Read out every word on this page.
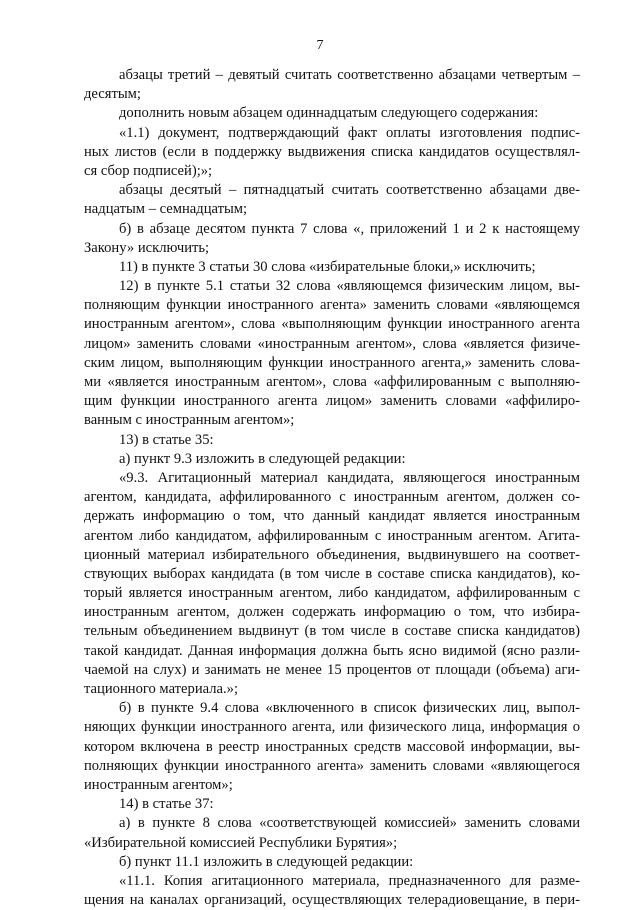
7
абзацы третий – девятый считать соответственно абзацами четвертым –
десятым;
дополнить новым абзацем одиннадцатым следующего содержания:
«1.1) документ, подтверждающий факт оплаты изготовления подпис-
ных листов (если в поддержку выдвижения списка кандидатов осуществлял-
ся сбор подписей);»;
абзацы десятый – пятнадцатый считать соответственно абзацами две-
надцатым – семнадцатым;
б) в абзаце десятом пункта 7 слова «, приложений 1 и 2 к настоящему
Закону» исключить;
11) в пункте 3 статьи 30 слова «избирательные блоки,» исключить;
12) в пункте 5.1 статьи 32 слова «являющемся физическим лицом, вы-
полняющим функции иностранного агента» заменить словами «являющемся
иностранным агентом», слова «выполняющим функции иностранного агента
лицом» заменить словами «иностранным агентом», слова «является физиче-
ским лицом, выполняющим функции иностранного агента,» заменить слова-
ми «является иностранным агентом», слова «аффилированным с выполняю-
щим функции иностранного агента лицом» заменить словами «аффилиро-
ванным с иностранным агентом»;
13) в статье 35:
а) пункт 9.3 изложить в следующей редакции:
«9.3. Агитационный материал кандидата, являющегося иностранным
агентом, кандидата, аффилированного с иностранным агентом, должен со-
держать информацию о том, что данный кандидат является иностранным
агентом либо кандидатом, аффилированным с иностранным агентом. Агита-
ционный материал избирательного объединения, выдвинувшего на соответ-
ствующих выборах кандидата (в том числе в составе списка кандидатов), ко-
торый является иностранным агентом, либо кандидатом, аффилированным с
иностранным агентом, должен содержать информацию о том, что избира-
тельным объединением выдвинут (в том числе в составе списка кандидатов)
такой кандидат. Данная информация должна быть ясно видимой (ясно разли-
чаемой на слух) и занимать не менее 15 процентов от площади (объема) аги-
тационного материала.»;
б) в пункте 9.4 слова «включенного в список физических лиц, выпол-
няющих функции иностранного агента, или физического лица, информация о
котором включена в реестр иностранных средств массовой информации, вы-
полняющих функции иностранного агента» заменить словами «являющегося
иностранным агентом»;
14) в статье 37:
а) в пункте 8 слова «соответствующей комиссией» заменить словами
«Избирательной комиссией Республики Бурятия»;
б) пункт 11.1 изложить в следующей редакции:
«11.1. Копия агитационного материала, предназначенного для разме-
щения на каналах организаций, осуществляющих телерадиовещание, в пери-
